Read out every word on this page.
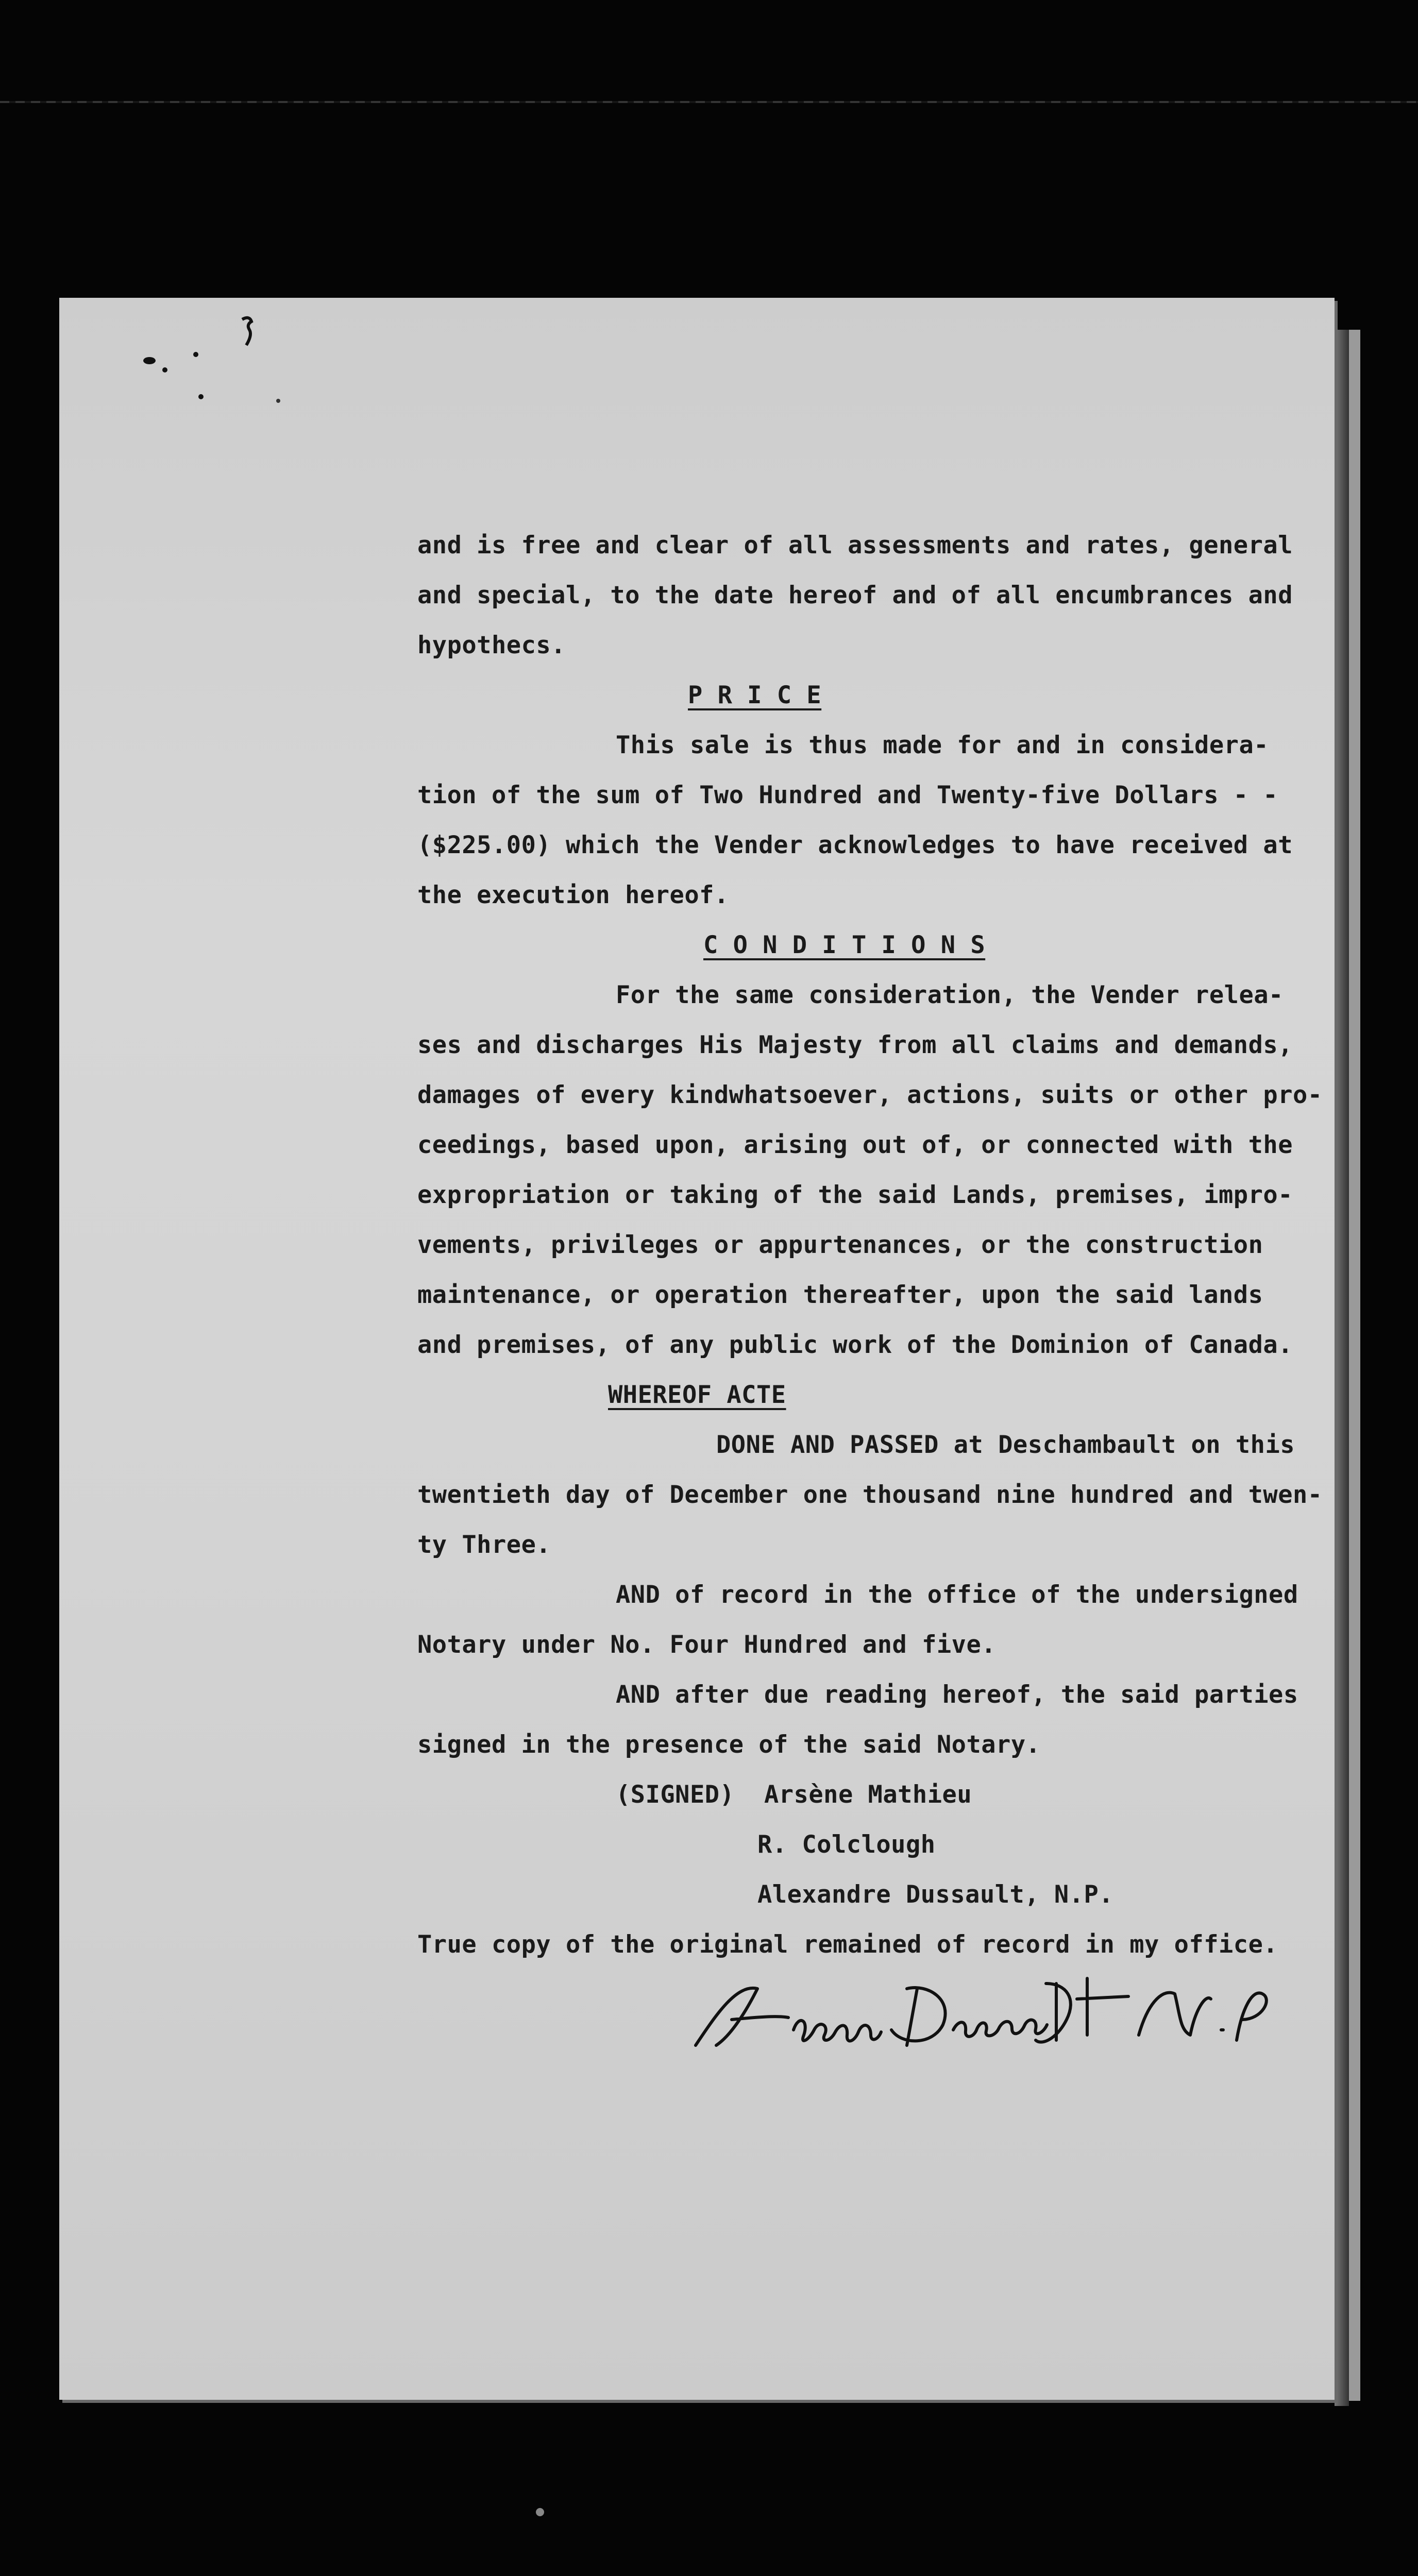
and is free and clear of all assessments and rates, general
and special, to the date hereof and of all encumbrances and
hypothecs.
P R I C E
This sale is thus made for and in considera-
tion of the sum of Two Hundred and Twenty-five Dollars - -
($225.00) which the Vender acknowledges to have received at
the execution hereof.
C O N D I T I O N S
For the same consideration, the Vender relea-
ses and discharges His Majesty from all claims and demands,
damages of every kindwhatsoever, actions, suits or other pro-
ceedings, based upon, arising out of, or connected with the
expropriation or taking of the said Lands, premises, impro-
vements, privileges or appurtenances, or the construction
maintenance, or operation thereafter, upon the said lands
and premises, of any public work of the Dominion of Canada.
WHEREOF ACTE
DONE AND PASSED at Deschambault on this
twentieth day of December one thousand nine hundred and twen-
ty Three.
AND of record in the office of the undersigned
Notary under No. Four Hundred and five.
AND after due reading hereof, the said parties
signed in the presence of the said Notary.
(SIGNED)  Arsène Mathieu
R. Colclough
Alexandre Dussault, N.P.
True copy of the original remained of record in my office.
